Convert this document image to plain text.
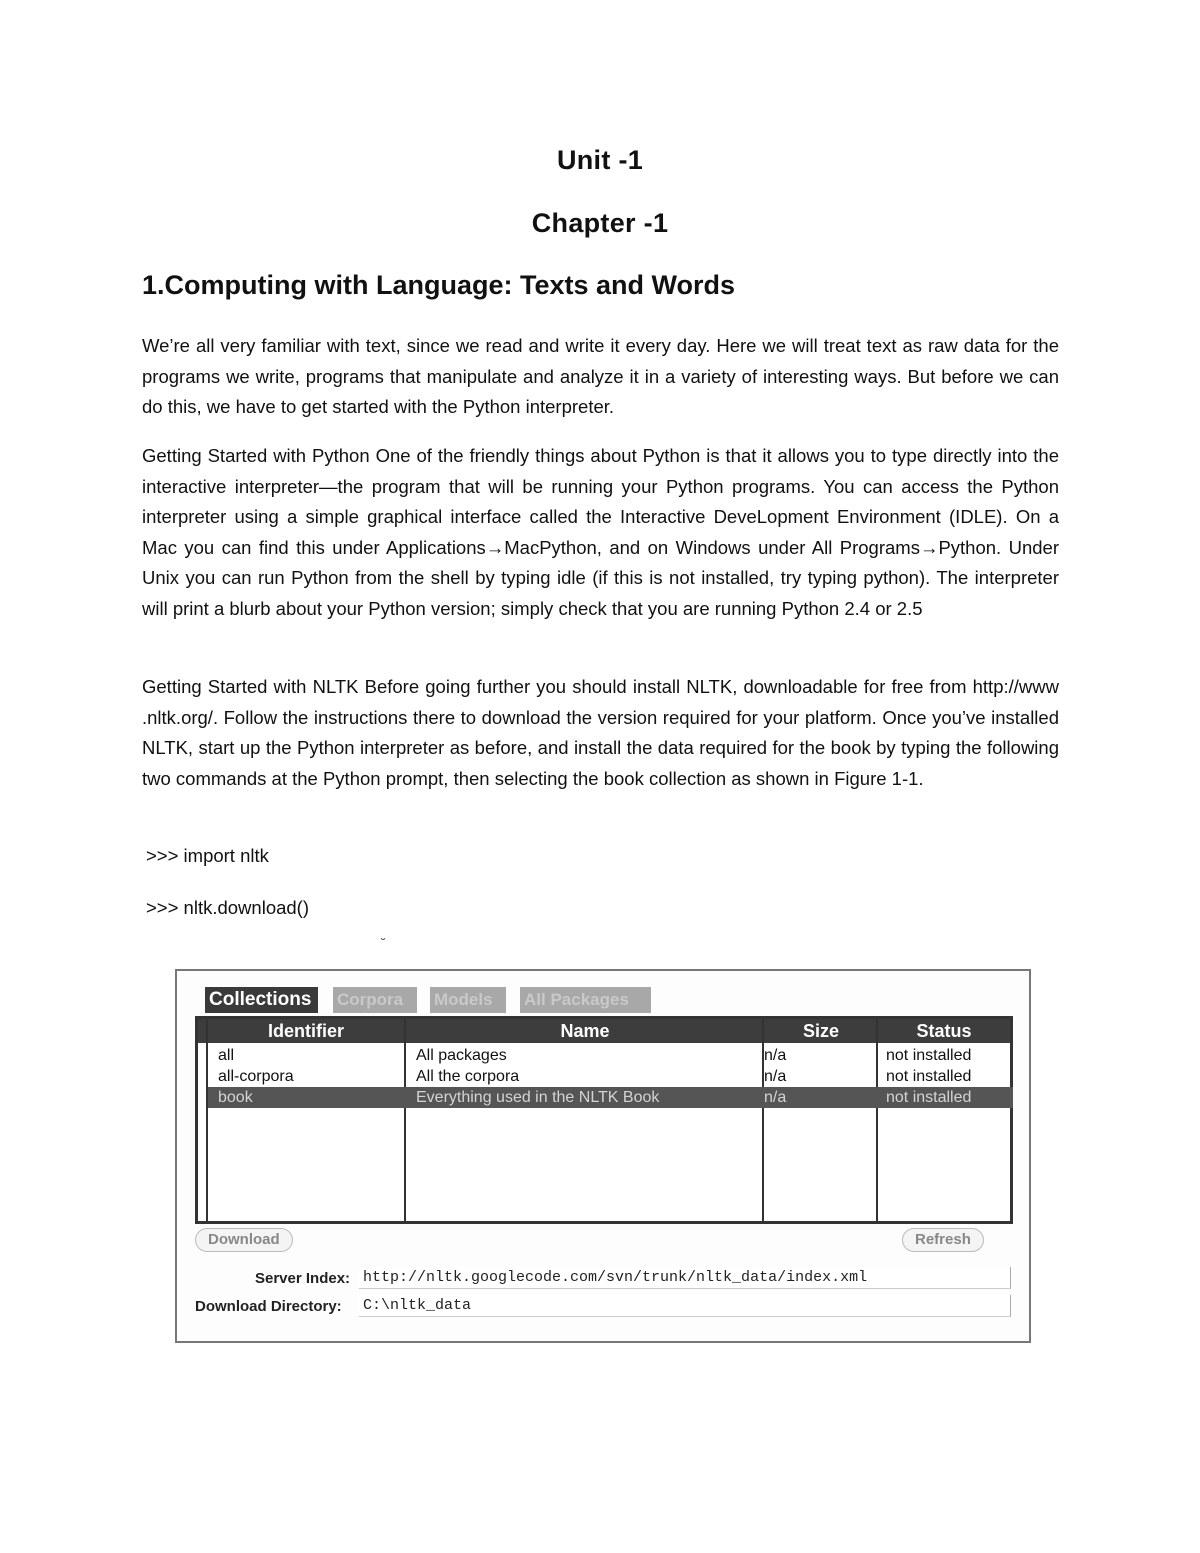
Unit -1
Chapter -1
1.Computing with Language: Texts and Words

We’re all very familiar with text, since we read and write it every day. Here we will treat text as raw data for the programs we write, programs that manipulate and analyze it in a variety of interesting ways. But before we can do this, we have to get started with the Python interpreter.

Getting Started with Python One of the friendly things about Python is that it allows you to type directly into the interactive interpreter—the program that will be running your Python programs. You can access the Python interpreter using a simple graphical interface called the Interactive DeveLopment Environment (IDLE). On a Mac you can find this under Applications→MacPython, and on Windows under All Programs→Python. Under Unix you can run Python from the shell by typing idle (if this is not installed, try typing python). The interpreter will print a blurb about your Python version; simply check that you are running Python 2.4 or 2.5

Getting Started with NLTK Before going further you should install NLTK, downloadable for free from http://www .nltk.org/. Follow the instructions there to download the version required for your platform. Once you’ve installed NLTK, start up the Python interpreter as before, and install the data required for the book by typing the following two commands at the Python prompt, then selecting the book collection as shown in Figure 1-1.

>>> import nltk
>>> nltk.download()
˘
Collections	Corpora	Models	All Packages
Identifier	Name	Size	Status
all	All packages	n/a	not installed
all-corpora	All the corpora	n/a	not installed
book	Everything used in the NLTK Book	n/a	not installed
Download	Refresh
Server Index: http://nltk.googlecode.com/svn/trunk/nltk_data/index.xml
Download Directory: C:\nltk_data
